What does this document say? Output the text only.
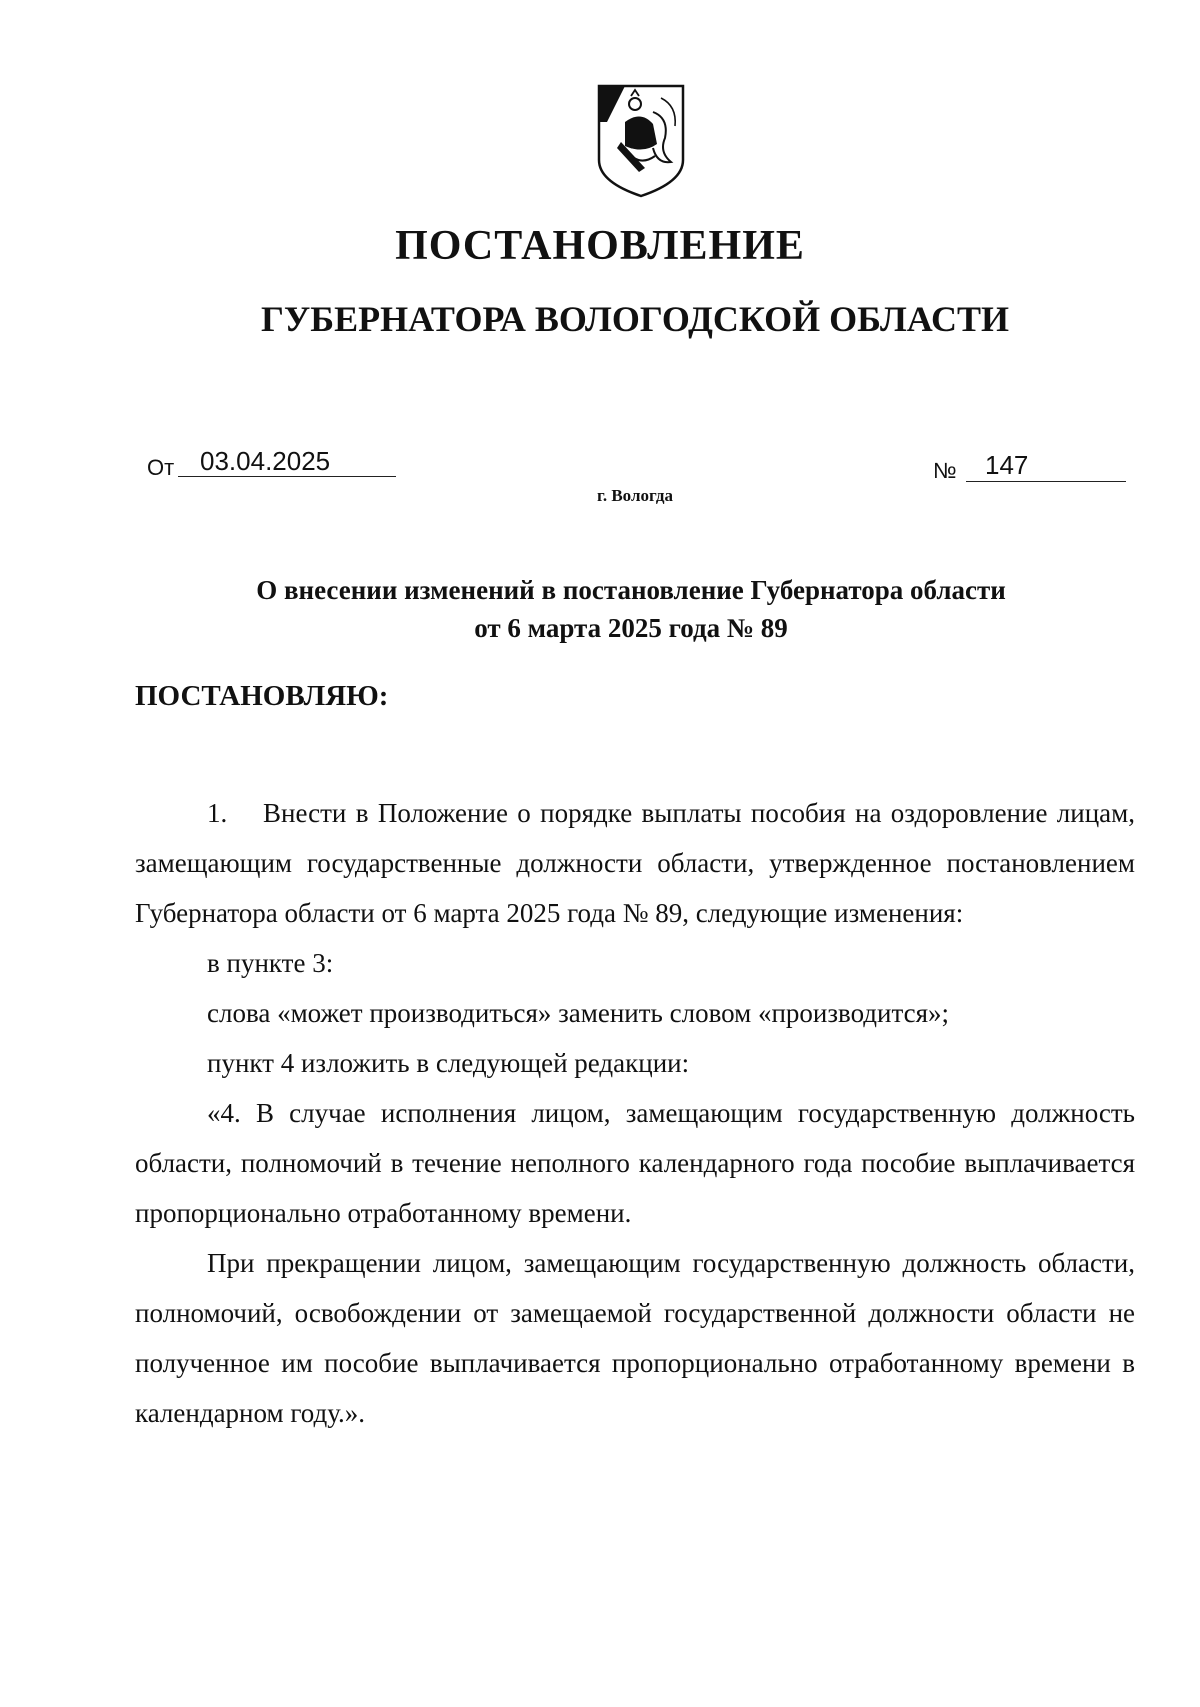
ПОСТАНОВЛЕНИЕ
ГУБЕРНАТОРА ВОЛОГОДСКОЙ ОБЛАСТИ
От 03.04.2025	№ 147
г. Вологда
О внесении изменений в постановление Губернатора области
от 6 марта 2025 года № 89
ПОСТАНОВЛЯЮ:

1. Внести в Положение о порядке выплаты пособия на оздоровление лицам, замещающим государственные должности области, утвержденное постановлением Губернатора области от 6 марта 2025 года № 89, следующие изменения:

в пункте 3:

слова «может производиться» заменить словом «производится»;

пункт 4 изложить в следующей редакции:

«4. В случае исполнения лицом, замещающим государственную должность области, полномочий в течение неполного календарного года пособие выплачивается пропорционально отработанному времени.

При прекращении лицом, замещающим государственную должность области, полномочий, освобождении от замещаемой государственной должности области не полученное им пособие выплачивается пропорционально отработанному времени в календарном году.».
